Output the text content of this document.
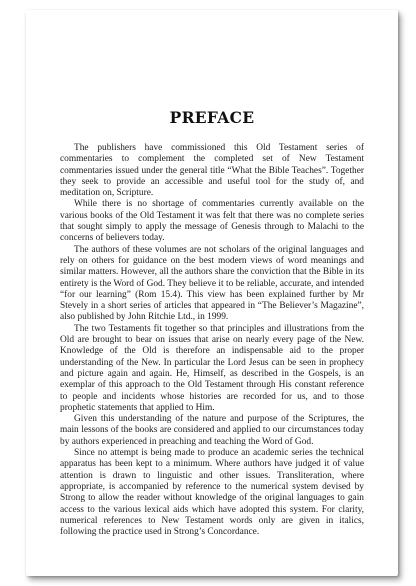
PREFACE

The publishers have commissioned this Old Testament series of commentaries to complement the completed set of New Testament commentaries issued under the general title “What the Bible Teaches”. Together they seek to provide an accessible and useful tool for the study of, and meditation on, Scripture.

While there is no shortage of commentaries currently available on the various books of the Old Testament it was felt that there was no complete series that sought simply to apply the message of Genesis through to Malachi to the concerns of believers today.

The authors of these volumes are not scholars of the original languages and rely on others for guidance on the best modern views of word meanings and similar matters. However, all the authors share the conviction that the Bible in its entirety is the Word of God. They believe it to be reliable, accurate, and intended “for our learning” (Rom 15.4). This view has been explained further by Mr Stevely in a short series of articles that appeared in “The Believer’s Magazine”, also published by John Ritchie Ltd., in 1999.

The two Testaments fit together so that principles and illustrations from the Old are brought to bear on issues that arise on nearly every page of the New. Knowledge of the Old is therefore an indispensable aid to the proper understanding of the New. In particular the Lord Jesus can be seen in prophecy and picture again and again. He, Himself, as described in the Gospels, is an exemplar of this approach to the Old Testament through His constant reference to people and incidents whose histories are recorded for us, and to those prophetic statements that applied to Him.

Given this understanding of the nature and purpose of the Scriptures, the main lessons of the books are considered and applied to our circumstances today by authors experienced in preaching and teaching the Word of God.

Since no attempt is being made to produce an academic series the technical apparatus has been kept to a minimum. Where authors have judged it of value attention is drawn to linguistic and other issues. Transliteration, where appropriate, is accompanied by reference to the numerical system devised by Strong to allow the reader without knowledge of the original languages to gain access to the various lexical aids which have adopted this system. For clarity, numerical references to New Testament words only are given in italics, following the practice used in Strong’s Concordance.
